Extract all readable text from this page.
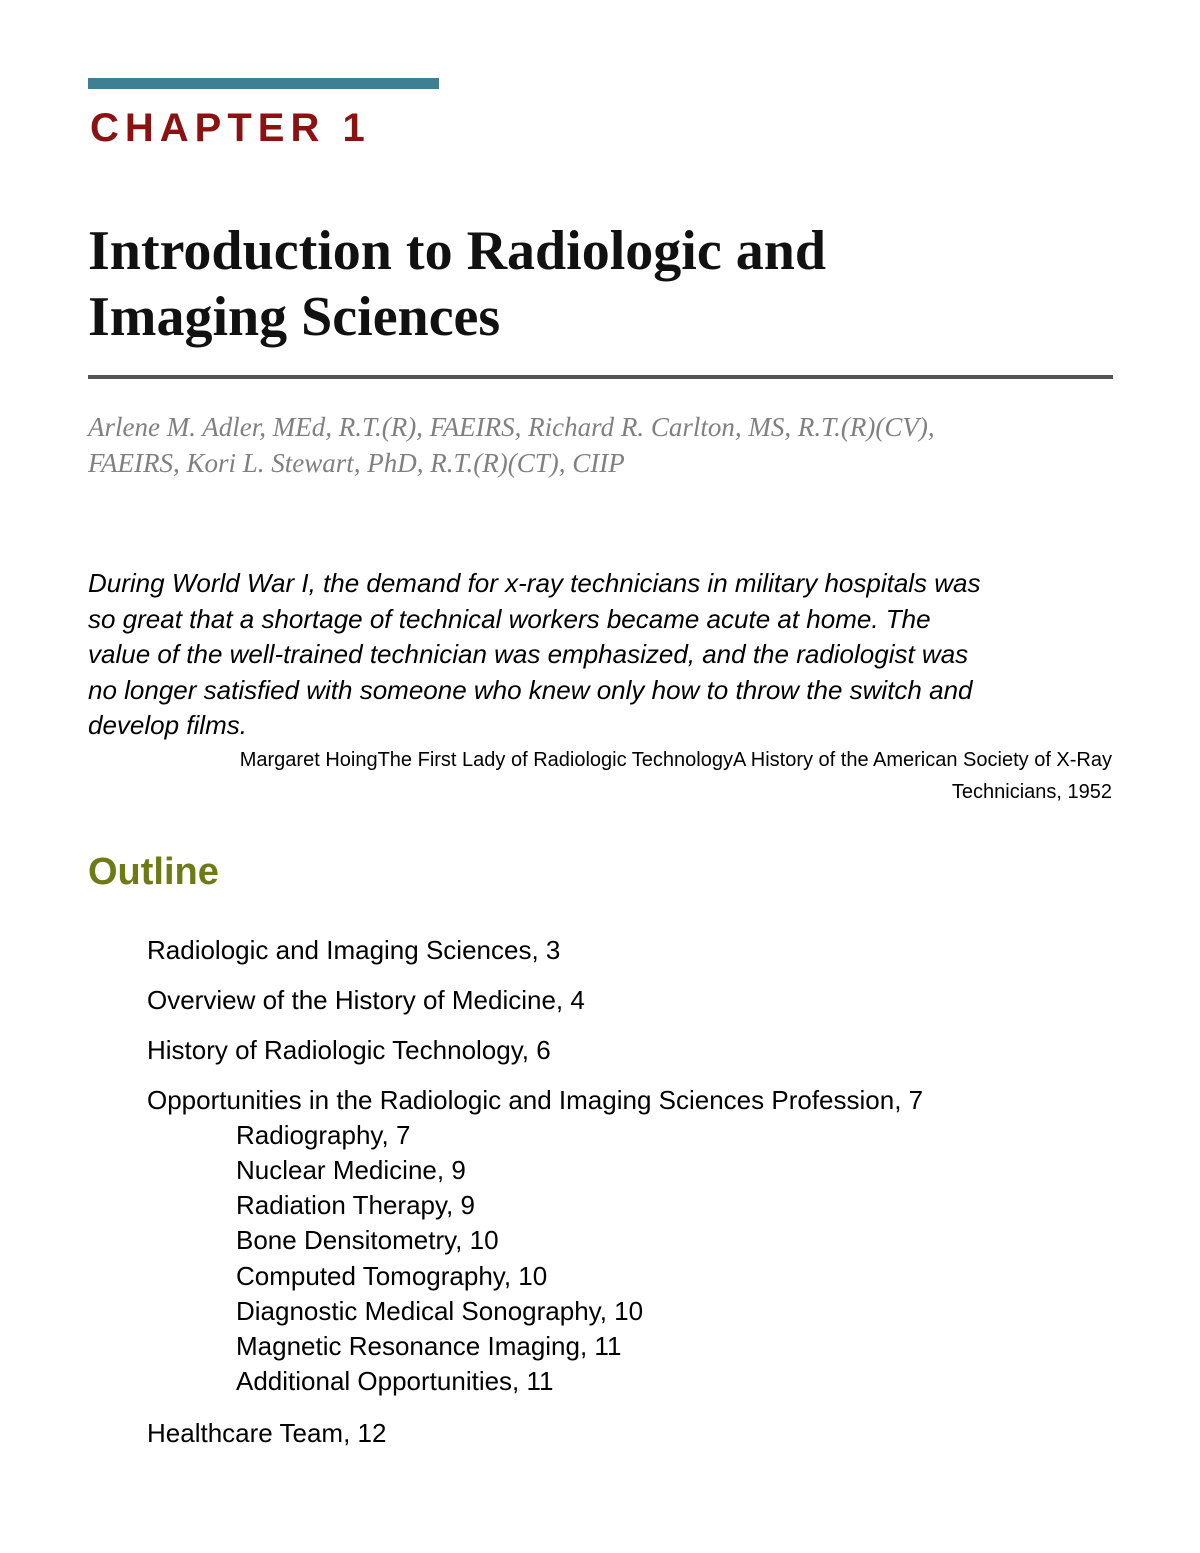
CHAPTER 1
Introduction to Radiologic and
Imaging Sciences
Arlene M. Adler, MEd, R.T.(R), FAEIRS, Richard R. Carlton, MS, R.T.(R)(CV),
FAEIRS, Kori L. Stewart, PhD, R.T.(R)(CT), CIIP
During World War I, the demand for x-ray technicians in military hospitals was
so great that a shortage of technical workers became acute at home. The
value of the well-trained technician was emphasized, and the radiologist was
no longer satisfied with someone who knew only how to throw the switch and
develop films.
Margaret HoingThe First Lady of Radiologic TechnologyA History of the American Society of X-Ray
Technicians, 1952
Outline
Radiologic and Imaging Sciences, 3
Overview of the History of Medicine, 4
History of Radiologic Technology, 6
Opportunities in the Radiologic and Imaging Sciences Profession, 7
Radiography, 7
Nuclear Medicine, 9
Radiation Therapy, 9
Bone Densitometry, 10
Computed Tomography, 10
Diagnostic Medical Sonography, 10
Magnetic Resonance Imaging, 11
Additional Opportunities, 11
Healthcare Team, 12
